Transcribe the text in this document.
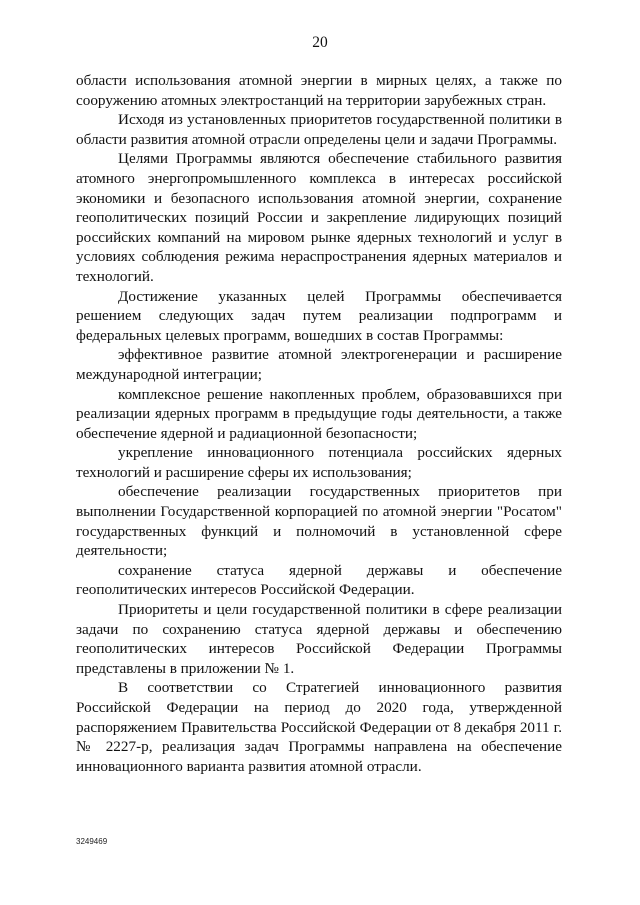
20

области использования атомной энергии в мирных целях, а также по сооружению атомных электростанций на территории зарубежных стран.

Исходя из установленных приоритетов государственной политики в области развития атомной отрасли определены цели и задачи Программы.

Целями Программы являются обеспечение стабильного развития атомного энергопромышленного комплекса в интересах российской экономики и безопасного использования атомной энергии, сохранение геополитических позиций России и закрепление лидирующих позиций российских компаний на мировом рынке ядерных технологий и услуг в условиях соблюдения режима нераспространения ядерных материалов и технологий.

Достижение указанных целей Программы обеспечивается решением следующих задач путем реализации подпрограмм и федеральных целевых программ, вошедших в состав Программы:

эффективное развитие атомной электрогенерации и расширение международной интеграции;

комплексное решение накопленных проблем, образовавшихся при реализации ядерных программ в предыдущие годы деятельности, а также обеспечение ядерной и радиационной безопасности;

укрепление инновационного потенциала российских ядерных технологий и расширение сферы их использования;

обеспечение реализации государственных приоритетов при выполнении Государственной корпорацией по атомной энергии "Росатом" государственных функций и полномочий в установленной сфере деятельности;

сохранение статуса ядерной державы и обеспечение геополитических интересов Российской Федерации.

Приоритеты и цели государственной политики в сфере реализации задачи по сохранению статуса ядерной державы и обеспечению геополитических интересов Российской Федерации Программы представлены в приложении № 1.

В соответствии со Стратегией инновационного развития Российской Федерации на период до 2020 года, утвержденной распоряжением Правительства Российской Федерации от 8 декабря 2011 г. № 2227-р, реализация задач Программы направлена на обеспечение инновационного варианта развития атомной отрасли.

3249469
